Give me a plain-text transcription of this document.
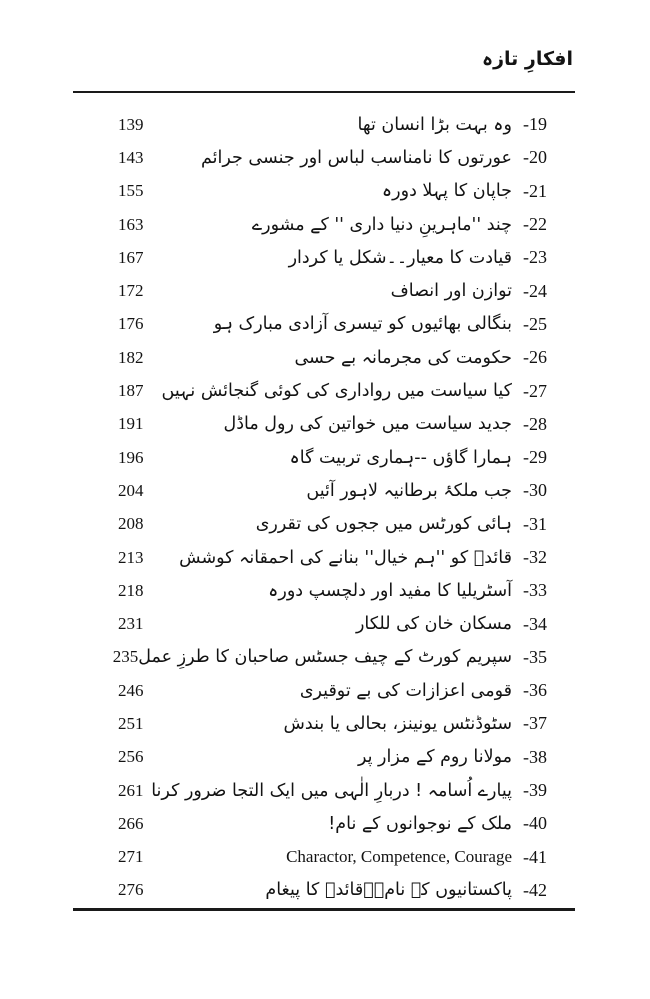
افکارِ تازہ
19-
وہ بہت بڑا انسان تھا
139
20-
عورتوں کا نامناسب لباس اور جنسی جرائم
143
21-
جاپان کا پہلا دورہ
155
22-
چند ''ماہرینِ دنیا داری '' کے مشورے
163
23-
قیادت کا معیار۔۔شکل یا کردار
167
24-
توازن اور انصاف
172
25-
بنگالی بھائیوں کو تیسری آزادی مبارک ہو
176
26-
حکومت کی مجرمانہ بے حسی
182
27-
کیا سیاست میں رواداری کی کوئی گنجائش نہیں
187
28-
جدید سیاست میں خواتین کی رول ماڈل
191
29-
ہمارا گاؤں --ہماری تربیت گاہ
196
30-
جب ملکۂ برطانیہ لاہور آئیں
204
31-
ہائی کورٹس میں ججوں کی تقرری
208
32-
قائدؒ کو ''ہم خیال'' بنانے کی احمقانہ کوشش
213
33-
آسٹریلیا کا مفید اور دلچسپ دورہ
218
34-
مسکان خان کی للکار
231
35-
سپریم کورٹ کے چیف جسٹس صاحبان کا طرزِ عمل
235
36-
قومی اعزازات کی بے توقیری
246
37-
سٹوڈنٹس یونینز، بحالی یا بندش
251
38-
مولانا روم کے مزار پر
256
39-
پیارے اُسامہ ! دربارِ الٰہی میں ایک التجا ضرور کرنا
261
40-
ملک کے نوجوانوں کے نام!
266
41-
Charactor, Competence, Courage
271
42-
پاکستانیوں کے نام۔۔قائدؒ کا پیغام
276
